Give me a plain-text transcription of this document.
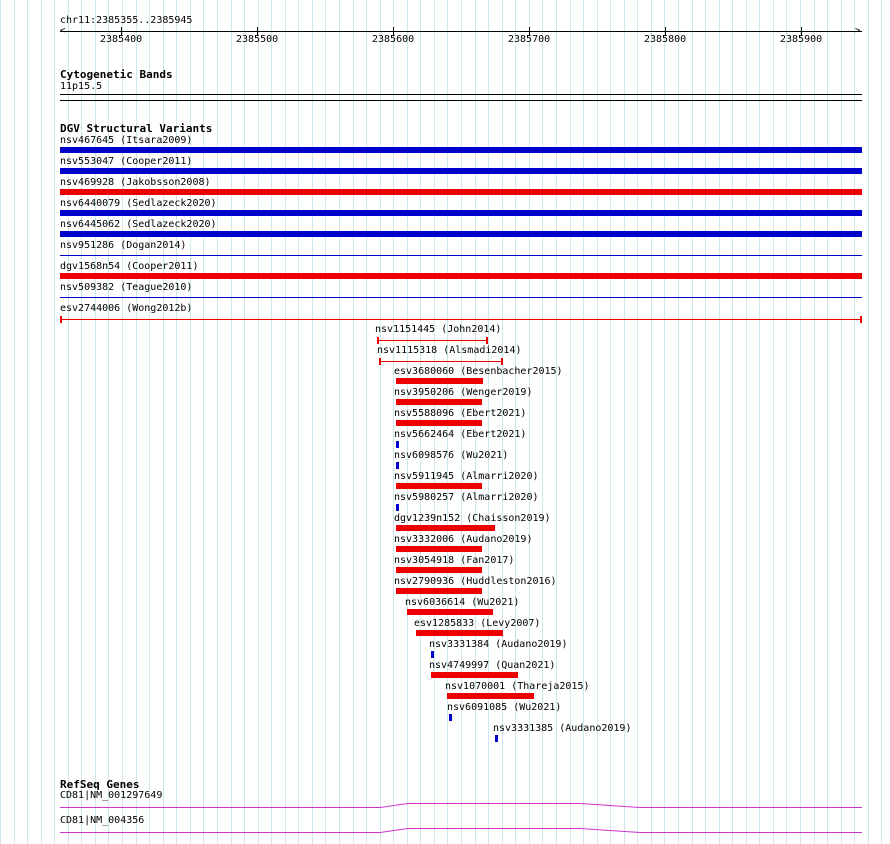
chr11:2385355..2385945
2385400	2385500	2385600	2385700	2385800	2385900
<	>
Cytogenetic Bands
11p15.5
DGV Structural Variants
nsv467645 (Itsara2009)
nsv553047 (Cooper2011)
nsv469928 (Jakobsson2008)
nsv6440079 (Sedlazeck2020)
nsv6445062 (Sedlazeck2020)
nsv951286 (Dogan2014)
dgv1568n54 (Cooper2011)
nsv509382 (Teague2010)
esv2744006 (Wong2012b)
nsv1151445 (John2014)
nsv1115318 (Alsmadi2014)
esv3680060 (Besenbacher2015)
nsv3950206 (Wenger2019)
nsv5588096 (Ebert2021)
nsv5662464 (Ebert2021)
nsv6098576 (Wu2021)
nsv5911945 (Almarri2020)
nsv5980257 (Almarri2020)
dgv1239n152 (Chaisson2019)
nsv3332006 (Audano2019)
nsv3054918 (Fan2017)
nsv2790936 (Huddleston2016)
nsv6036614 (Wu2021)
esv1285833 (Levy2007)
nsv3331384 (Audano2019)
nsv4749997 (Quan2021)
nsv1070001 (Thareja2015)
nsv6091085 (Wu2021)
nsv3331385 (Audano2019)
RefSeq Genes
CD81|NM_001297649
CD81|NM_004356
